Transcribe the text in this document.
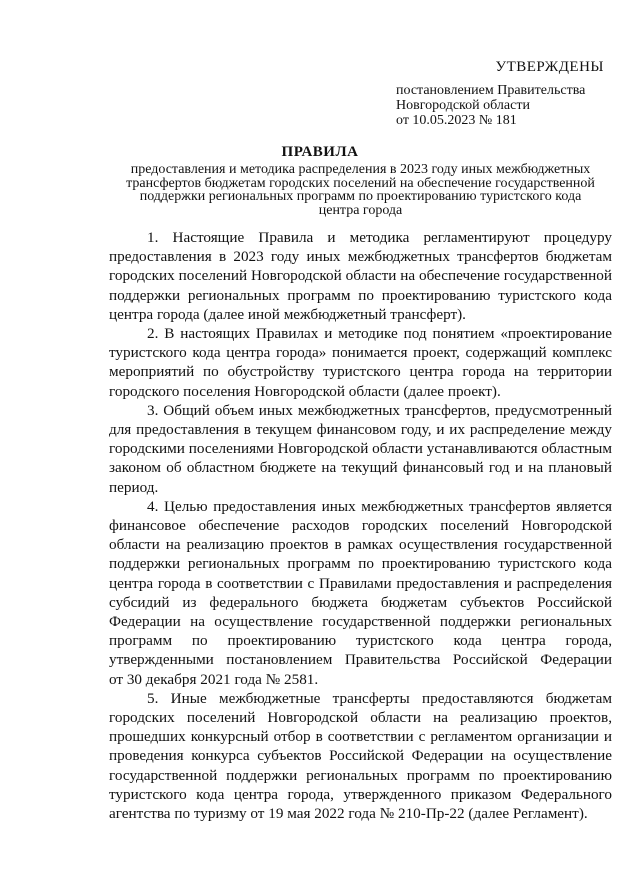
УТВЕРЖДЕНЫ
постановлением Правительства
Новгородской области
от 10.05.2023 № 181
ПРАВИЛА
предоставления и методика распределения в 2023 году иных межбюджетных
трансфертов бюджетам городских поселений на обеспечение государственной
поддержки региональных программ по проектированию туристского кода
центра города

1. Настоящие Правила и методика регламентируют процедуру
предоставления в 2023 году иных межбюджетных трансфертов бюджетам
городских поселений Новгородской области на обеспечение государственной
поддержки региональных программ по проектированию туристского кода
центра города (далее иной межбюджетный трансферт).

2. В настоящих Правилах и методике под понятием «проектирование
туристского кода центра города» понимается проект, содержащий комплекс
мероприятий по обустройству туристского центра города на территории
городского поселения Новгородской области (далее проект).

3. Общий объем иных межбюджетных трансфертов, предусмотренный
для предоставления в текущем финансовом году, и их распределение между
городскими поселениями Новгородской области устанавливаются областным
законом об областном бюджете на текущий финансовый год и на плановый
период.

4. Целью предоставления иных межбюджетных трансфертов является
финансовое обеспечение расходов городских поселений Новгородской
области на реализацию проектов в рамках осуществления государственной
поддержки региональных программ по проектированию туристского кода
центра города в соответствии с Правилами предоставления и распределения
субсидий из федерального бюджета бюджетам субъектов Российской
Федерации на осуществление государственной поддержки региональных
программ по проектированию туристского кода центра города,
утвержденными постановлением Правительства Российской Федерации
от 30 декабря 2021 года № 2581.

5. Иные межбюджетные трансферты предоставляются бюджетам
городских поселений Новгородской области на реализацию проектов,
прошедших конкурсный отбор в соответствии с регламентом организации и
проведения конкурса субъектов Российской Федерации на осуществление
государственной поддержки региональных программ по проектированию
туристского кода центра города, утвержденного приказом Федерального
агентства по туризму от 19 мая 2022 года № 210-Пр-22 (далее Регламент).
